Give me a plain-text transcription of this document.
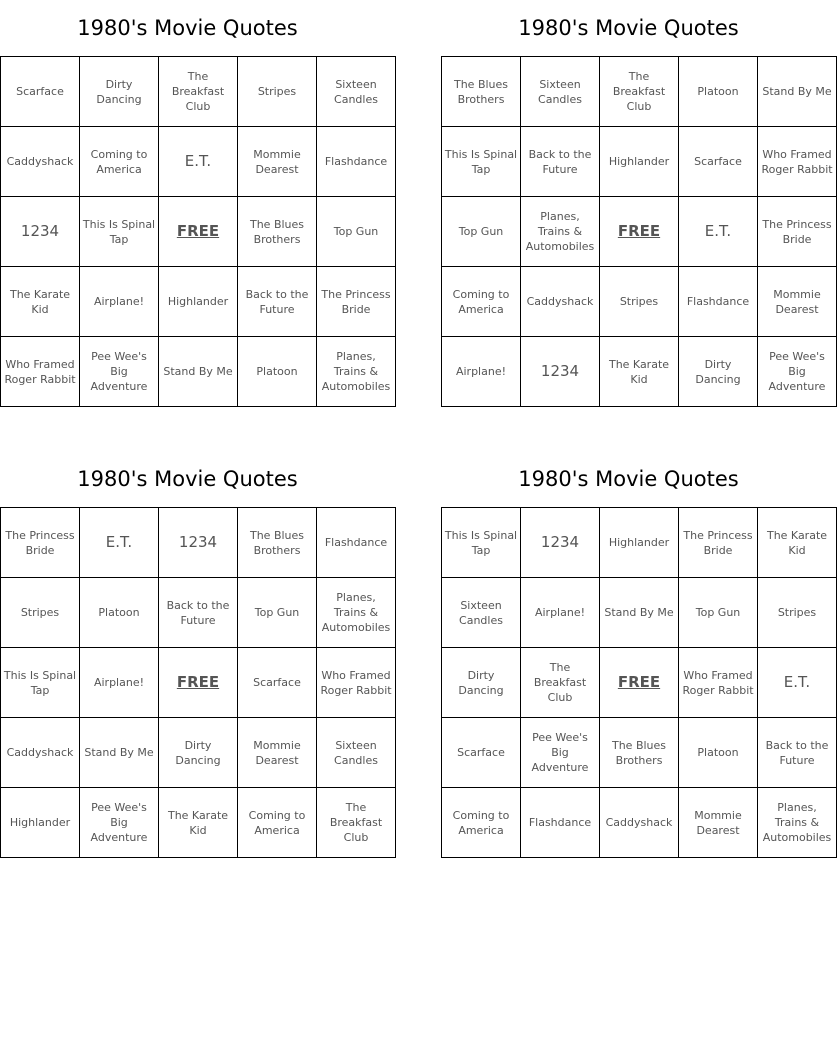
1980's Movie Quotes
Scarface	Dirty Dancing	The Breakfast Club	Stripes	Sixteen Candles
Caddyshack	Coming to America	E.T.	Mommie Dearest	Flashdance
1234	This Is Spinal Tap	FREE	The Blues Brothers	Top Gun
The Karate Kid	Airplane!	Highlander	Back to the Future	The Princess Bride
Who Framed Roger Rabbit	Pee Wee's Big Adventure	Stand By Me	Platoon	Planes, Trains & Automobiles
1980's Movie Quotes
The Blues Brothers	Sixteen Candles	The Breakfast Club	Platoon	Stand By Me
This Is Spinal Tap	Back to the Future	Highlander	Scarface	Who Framed Roger Rabbit
Top Gun	Planes, Trains & Automobiles	FREE	E.T.	The Princess Bride
Coming to America	Caddyshack	Stripes	Flashdance	Mommie Dearest
Airplane!	1234	The Karate Kid	Dirty Dancing	Pee Wee's Big Adventure
1980's Movie Quotes
The Princess Bride	E.T.	1234	The Blues Brothers	Flashdance
Stripes	Platoon	Back to the Future	Top Gun	Planes, Trains & Automobiles
This Is Spinal Tap	Airplane!	FREE	Scarface	Who Framed Roger Rabbit
Caddyshack	Stand By Me	Dirty Dancing	Mommie Dearest	Sixteen Candles
Highlander	Pee Wee's Big Adventure	The Karate Kid	Coming to America	The Breakfast Club
1980's Movie Quotes
This Is Spinal Tap	1234	Highlander	The Princess Bride	The Karate Kid
Sixteen Candles	Airplane!	Stand By Me	Top Gun	Stripes
Dirty Dancing	The Breakfast Club	FREE	Who Framed Roger Rabbit	E.T.
Scarface	Pee Wee's Big Adventure	The Blues Brothers	Platoon	Back to the Future
Coming to America	Flashdance	Caddyshack	Mommie Dearest	Planes, Trains & Automobiles
